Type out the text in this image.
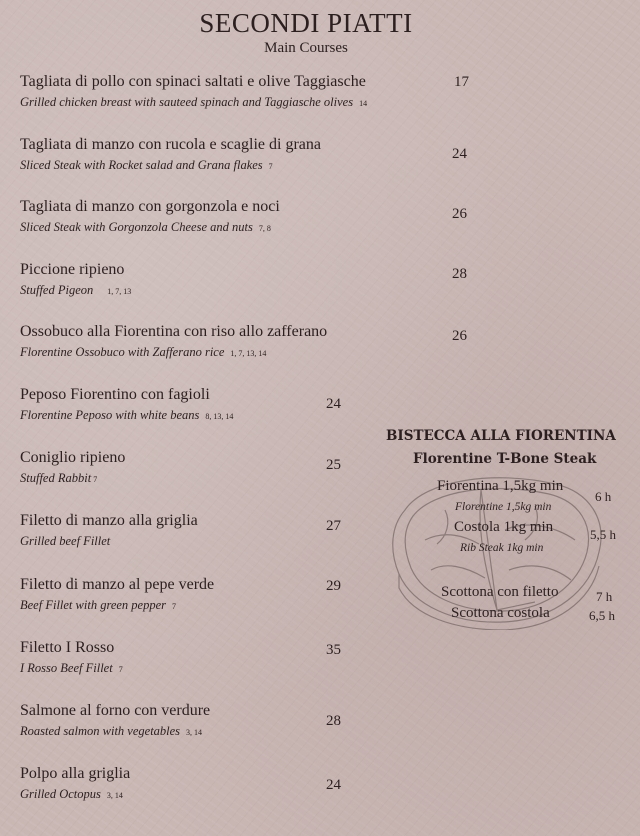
SECONDI PIATTI
Main Courses
Tagliata di pollo con spinaci saltati e olive Taggiasche
Grilled chicken breast with sauteed spinach and Taggiasche olives 14
17
Tagliata di manzo con rucola e scaglie di grana
Sliced Steak with Rocket salad and Grana flakes 7
24
Tagliata di manzo con gorgonzola e noci
Sliced Steak with Gorgonzola Cheese and nuts 7, 8
26
Piccione ripieno
Stuffed Pigeon 1, 7, 13
28
Ossobuco alla Fiorentina con riso allo zafferano
Florentine Ossobuco with Zafferano rice 1, 7, 13, 14
26
Peposo Fiorentino con fagioli
Florentine Peposo with white beans 8, 13, 14
24
Coniglio ripieno
Stuffed Rabbit 7
25
Filetto di manzo alla griglia
Grilled beef Fillet
27
Filetto di manzo al pepe verde
Beef Fillet with green pepper 7
29
Filetto I Rosso
I Rosso Beef Fillet 7
35
Salmone al forno con verdure
Roasted salmon with vegetables 3, 14
28
Polpo alla griglia
Grilled Octopus 3, 14
24
BISTECCA ALLA FIORENTINA
Florentine T-Bone Steak
Fiorentina 1,5kg min
6 h
Florentine 1,5kg min
Costola 1kg min	5,5 h
Rib Steak 1kg min
Scottona con filetto	7 h
Scottona costola	6,5 h
